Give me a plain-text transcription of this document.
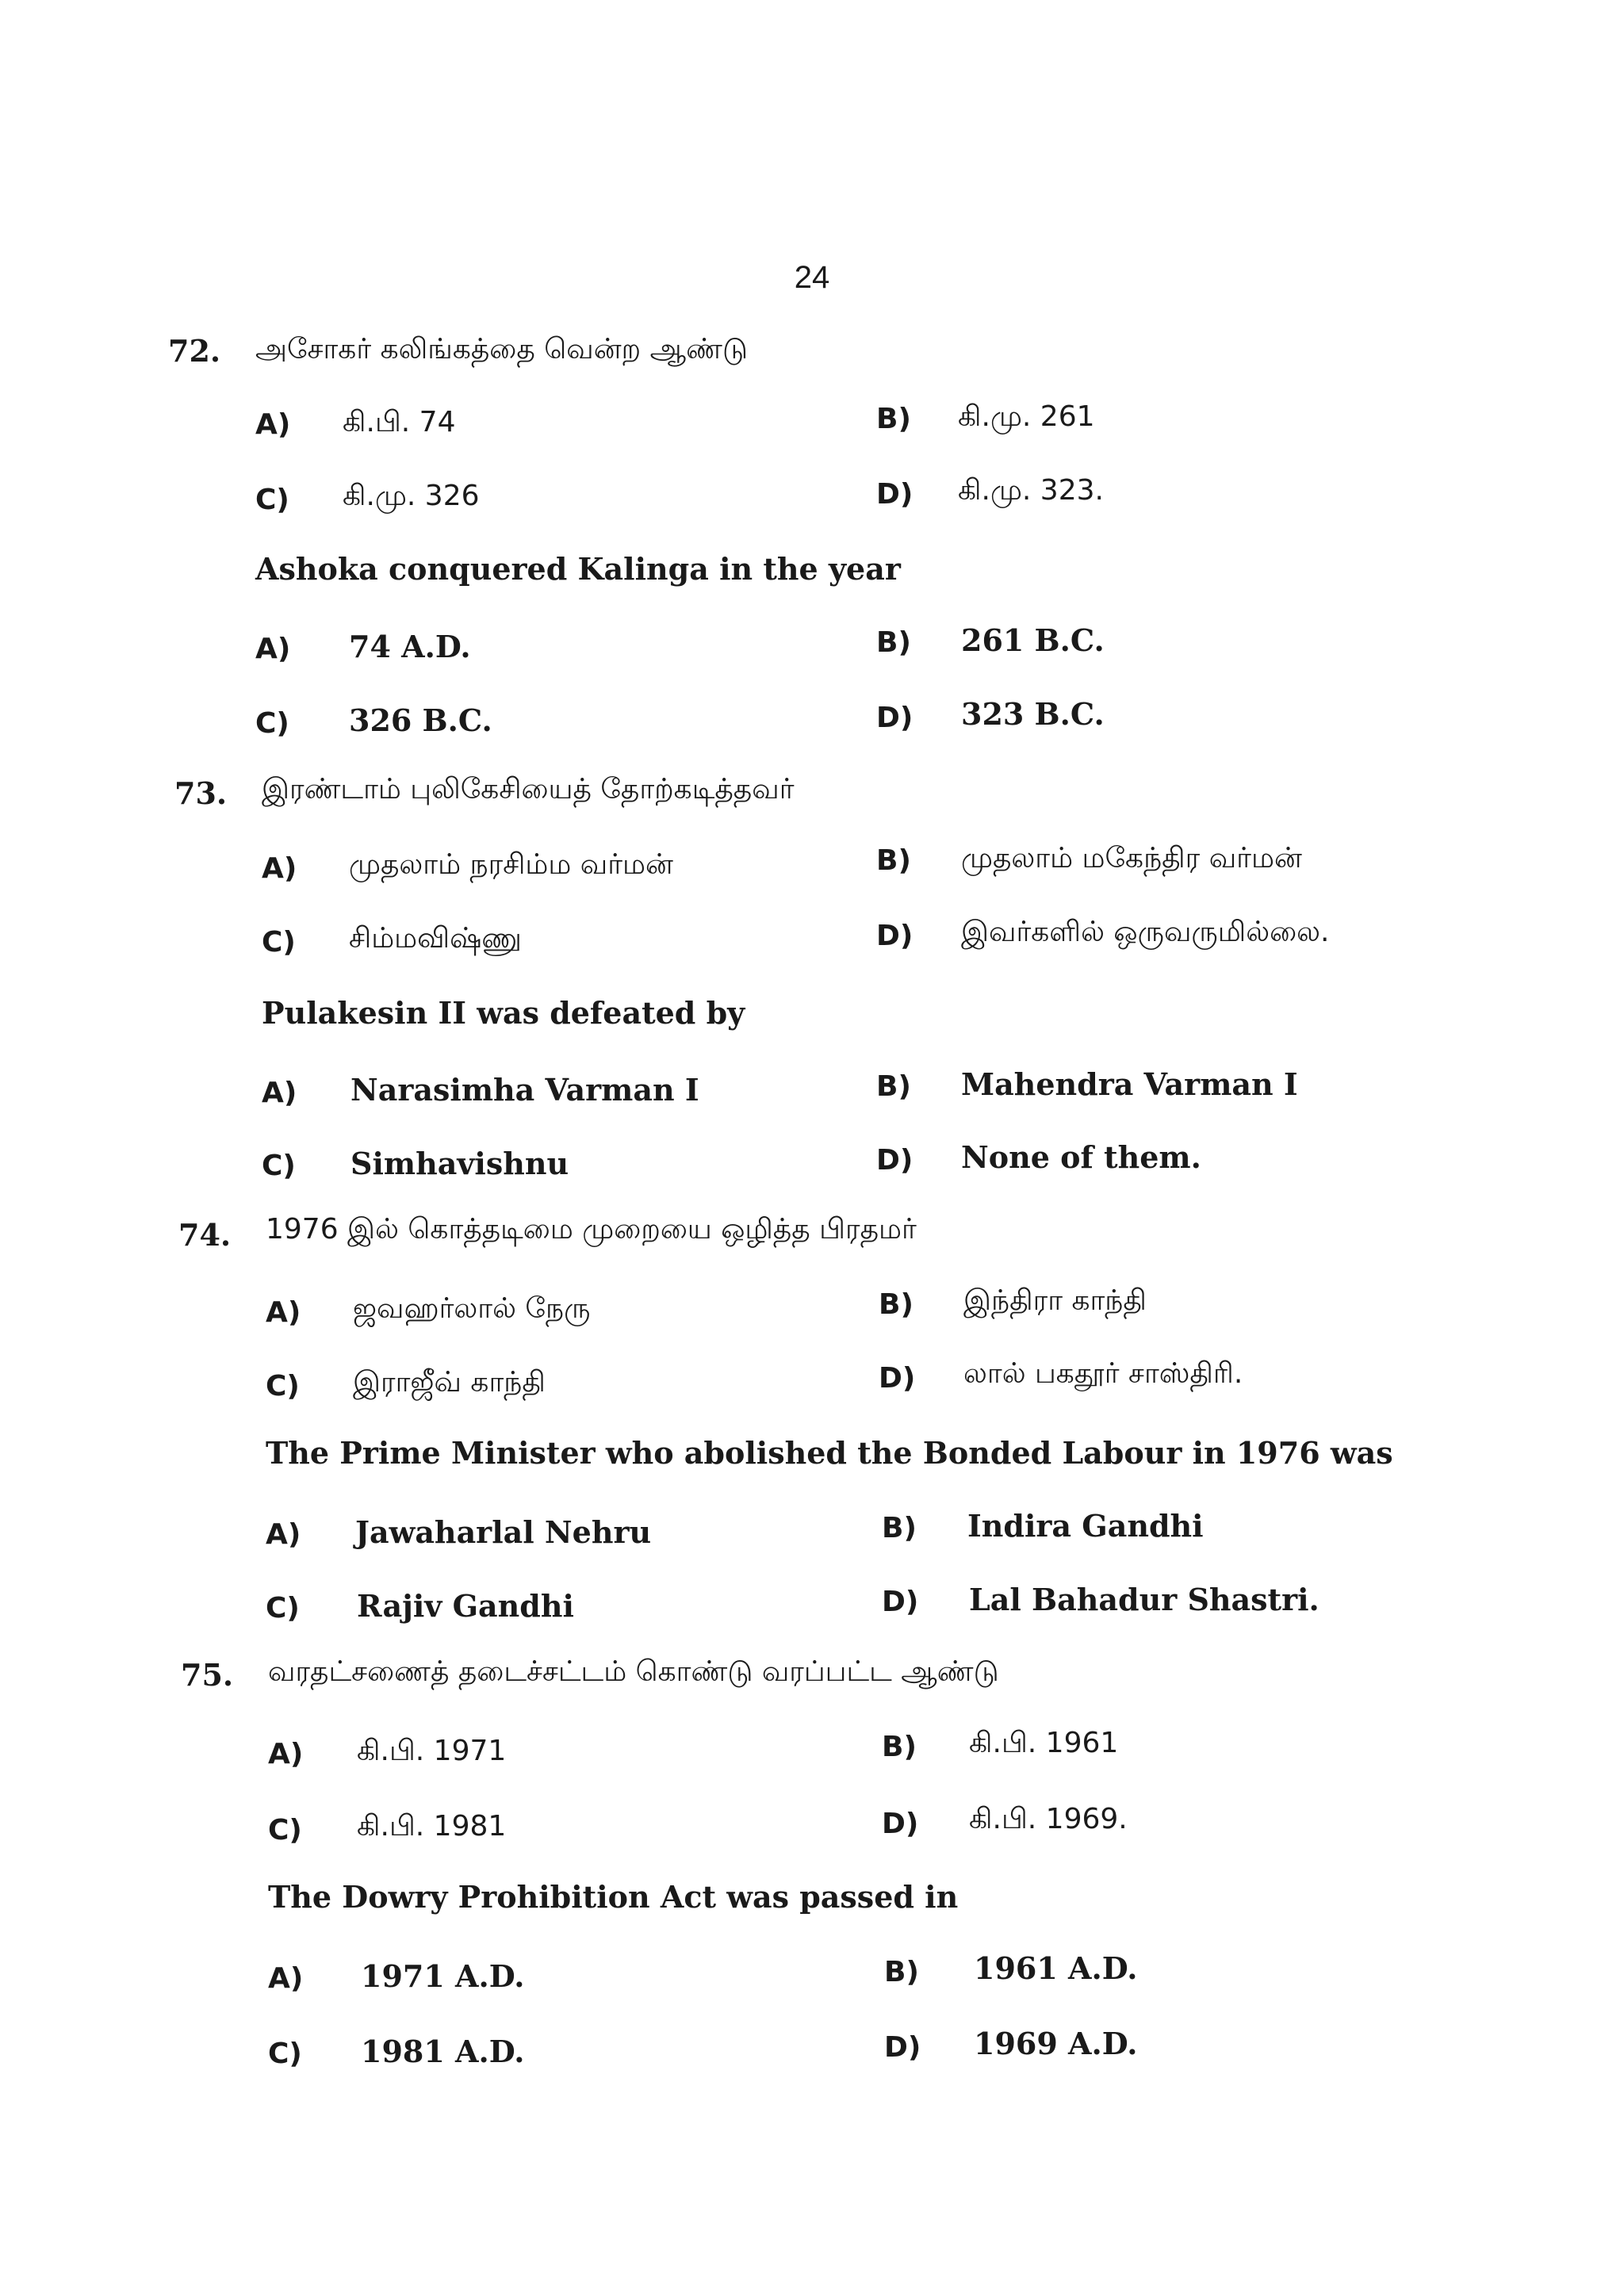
24
72. அசோகர் கலிங்கத்தை வென்ற ஆண்டு
A) கி.பி. 74	B) கி.மு. 261
C) கி.மு. 326	D) கி.மு. 323.
Ashoka conquered Kalinga in the year
A) 74 A.D.	B) 261 B.C.
C) 326 B.C.	D) 323 B.C.
73. இரண்டாம் புலிகேசியைத் தோற்கடித்தவர்
A) முதலாம் நரசிம்ம வர்மன்	B) முதலாம் மகேந்திர வர்மன்
C) சிம்மவிஷ்ணு	D) இவர்களில் ஒருவருமில்லை.
Pulakesin II was defeated by
A) Narasimha Varman I	B) Mahendra Varman I
C) Simhavishnu	D) None of them.
74. 1976 இல் கொத்தடிமை முறையை ஒழித்த பிரதமர்
A) ஜவஹர்லால் நேரு	B) இந்திரா காந்தி
C) இராஜீவ் காந்தி	D) லால் பகதூர் சாஸ்திரி.
The Prime Minister who abolished the Bonded Labour in 1976 was
A) Jawaharlal Nehru	B) Indira Gandhi
C) Rajiv Gandhi	D) Lal Bahadur Shastri.
75. வரதட்சணைத் தடைச்சட்டம் கொண்டு வரப்பட்ட ஆண்டு
A) கி.பி. 1971	B) கி.பி. 1961
C) கி.பி. 1981	D) கி.பி. 1969.
The Dowry Prohibition Act was passed in
A) 1971 A.D.	B) 1961 A.D.
C) 1981 A.D.	D) 1969 A.D.
